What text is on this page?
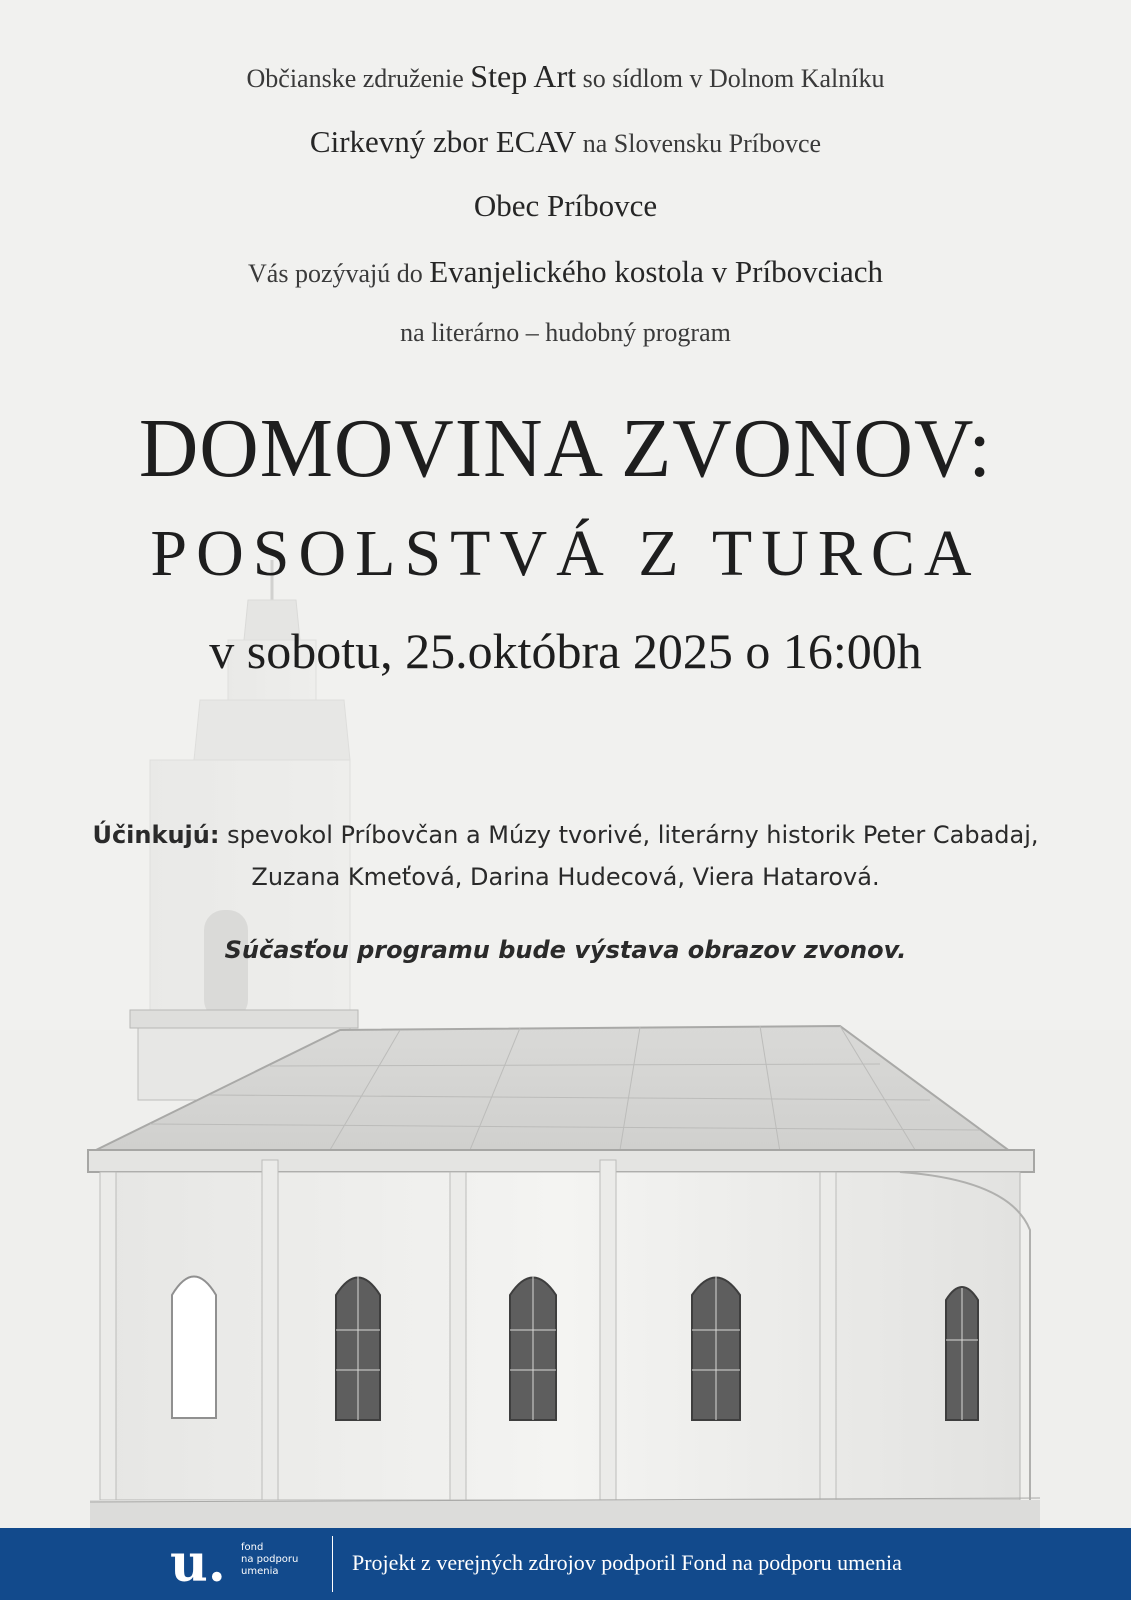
Občianske združenie Step Art so sídlom v Dolnom Kalníku
Cirkevný zbor ECAV na Slovensku Príbovce
Obec Príbovce
Vás pozývajú do Evanjelického kostola v Príbovciach
na literárno – hudobný program
DOMOVINA ZVONOV:
POSOLSTVÁ Z TURCA
v sobotu, 25.októbra 2025 o 16:00h
Účinkujú: spevokol Príbovčan a Múzy tvorivé, literárny historik Peter Cabadaj,
Zuzana Kmeťová, Darina Hudecová, Viera Hatarová.
Súčasťou programu bude výstava obrazov zvonov.
u. fond
na podporu
umenia	Projekt z verejných zdrojov podporil Fond na podporu umenia
